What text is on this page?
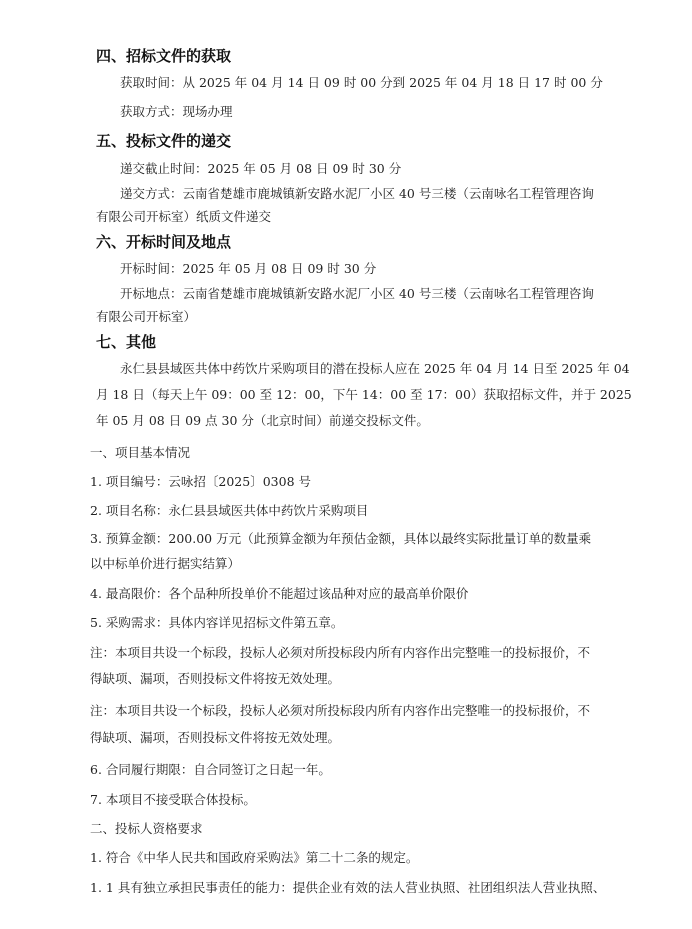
四、招标文件的获取
获取时间：从 2025 年 04 月 14 日 09 时 00 分到 2025 年 04 月 18 日 17 时 00 分
获取方式：现场办理
五、投标文件的递交
递交截止时间：2025 年 05 月 08 日 09 时 30 分
递交方式：云南省楚雄市鹿城镇新安路水泥厂小区 40 号三楼（云南咏名工程管理咨询
有限公司开标室）纸质文件递交
六、开标时间及地点
开标时间：2025 年 05 月 08 日 09 时 30 分
开标地点：云南省楚雄市鹿城镇新安路水泥厂小区 40 号三楼（云南咏名工程管理咨询
有限公司开标室）
七、其他
永仁县县域医共体中药饮片采购项目的潜在投标人应在 2025 年 04 月 14 日至 2025 年 04
月 18 日（每天上午 09：00 至 12：00，下午 14：00 至 17：00）获取招标文件，并于 2025
年 05 月 08 日 09 点 30 分（北京时间）前递交投标文件。
一、项目基本情况
1. 项目编号：云咏招〔2025〕0308 号
2. 项目名称：永仁县县域医共体中药饮片采购项目
3. 预算金额：200.00 万元（此预算金额为年预估金额，具体以最终实际批量订单的数量乘
以中标单价进行据实结算）
4. 最高限价：各个品种所投单价不能超过该品种对应的最高单价限价
5. 采购需求：具体内容详见招标文件第五章。
注：本项目共设一个标段，投标人必须对所投标段内所有内容作出完整唯一的投标报价，不
得缺项、漏项，否则投标文件将按无效处理。
注：本项目共设一个标段，投标人必须对所投标段内所有内容作出完整唯一的投标报价，不
得缺项、漏项，否则投标文件将按无效处理。
6. 合同履行期限：自合同签订之日起一年。
7. 本项目不接受联合体投标。
二、投标人资格要求
1. 符合《中华人民共和国政府采购法》第二十二条的规定。
1. 1 具有独立承担民事责任的能力：提供企业有效的法人营业执照、社团组织法人营业执照、
